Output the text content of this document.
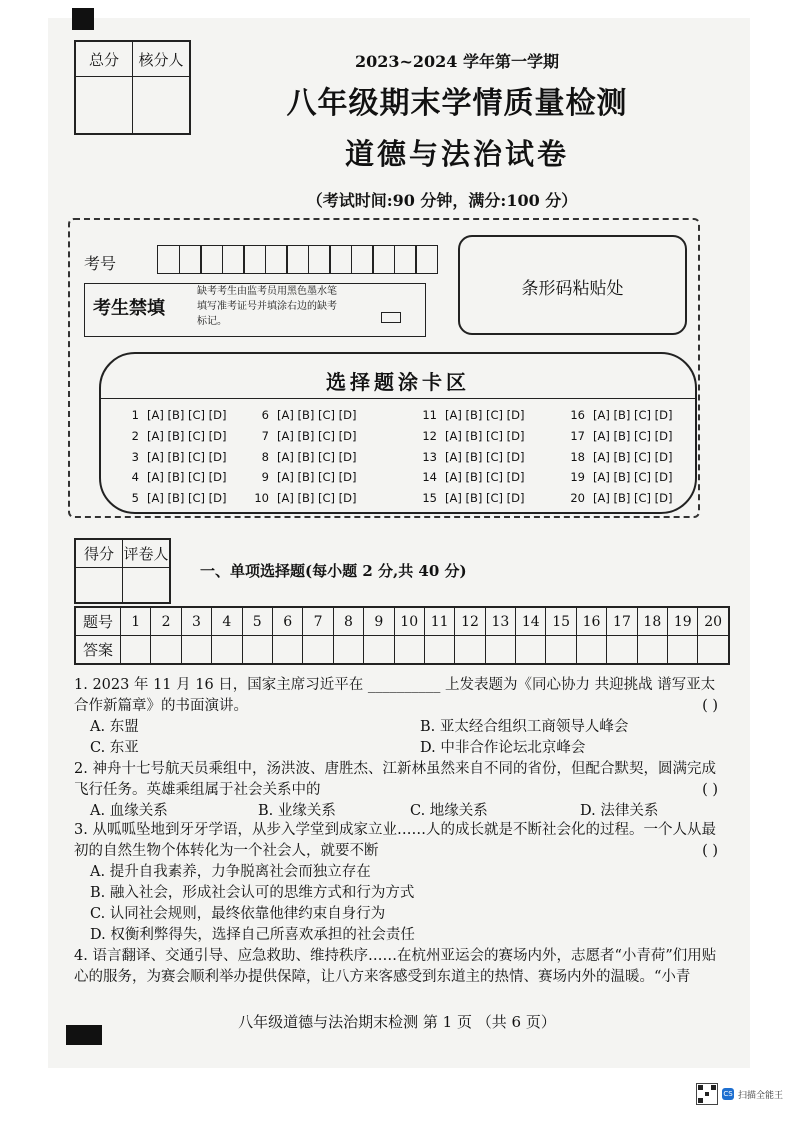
总分	核分人
		2023~2024 学年第一学期
八年级期末学情质量检测
道德与法治试卷
（考试时间:90 分钟，满分:100 分）
考号
考生禁填
缺考考生由监考员用黑色墨水笔填写准考证号并填涂右边的缺考标记。
条形码粘贴处
选择题涂卡区
1 [A] [B] [C] [D]
2 [A] [B] [C] [D]
3 [A] [B] [C] [D]
4 [A] [B] [C] [D]
5 [A] [B] [C] [D]
6 [A] [B] [C] [D]
7 [A] [B] [C] [D]
8 [A] [B] [C] [D]
9 [A] [B] [C] [D]
10 [A] [B] [C] [D]
11 [A] [B] [C] [D]
12 [A] [B] [C] [D]
13 [A] [B] [C] [D]
14 [A] [B] [C] [D]
15 [A] [B] [C] [D]
16 [A] [B] [C] [D]
17 [A] [B] [C] [D]
18 [A] [B] [C] [D]
19 [A] [B] [C] [D]
20 [A] [B] [C] [D]
得分	评卷人

一、单项选择题(每小题 2 分,共 40 分)
题号	1	2	3	4	5	6	7	8	9	10	11	12	13	14	15	16	17	18	19	20
答案																				

1. 2023 年 11 月 16 日，国家主席习近平在 __________ 上发表题为《同心协力 共迎挑战 谱写亚太合作新篇章》的书面演讲。	( )
A. 东盟	B. 亚太经合组织工商领导人峰会
C. 东亚	D. 中非合作论坛北京峰会

2. 神舟十七号航天员乘组中，汤洪波、唐胜杰、江新林虽然来自不同的省份，但配合默契，圆满完成飞行任务。英雄乘组属于社会关系中的	( )
A. 血缘关系	B. 业缘关系	C. 地缘关系	D. 法律关系

3. 从呱呱坠地到牙牙学语，从步入学堂到成家立业……人的成长就是不断社会化的过程。一个人从最初的自然生物个体转化为一个社会人，就要不断	( )
A. 提升自我素养，力争脱离社会而独立存在
B. 融入社会，形成社会认可的思维方式和行为方式
C. 认同社会规则，最终依靠他律约束自身行为
D. 权衡利弊得失，选择自己所喜欢承担的社会责任

4. 语言翻译、交通引导、应急救助、维持秩序……在杭州亚运会的赛场内外，志愿者“小青荷”们用贴心的服务，为赛会顺利举办提供保障，让八方来客感受到东道主的热情、赛场内外的温暖。“小青

八年级道德与法治期末检测 第 1 页 （共 6 页）
CS 扫描全能王
